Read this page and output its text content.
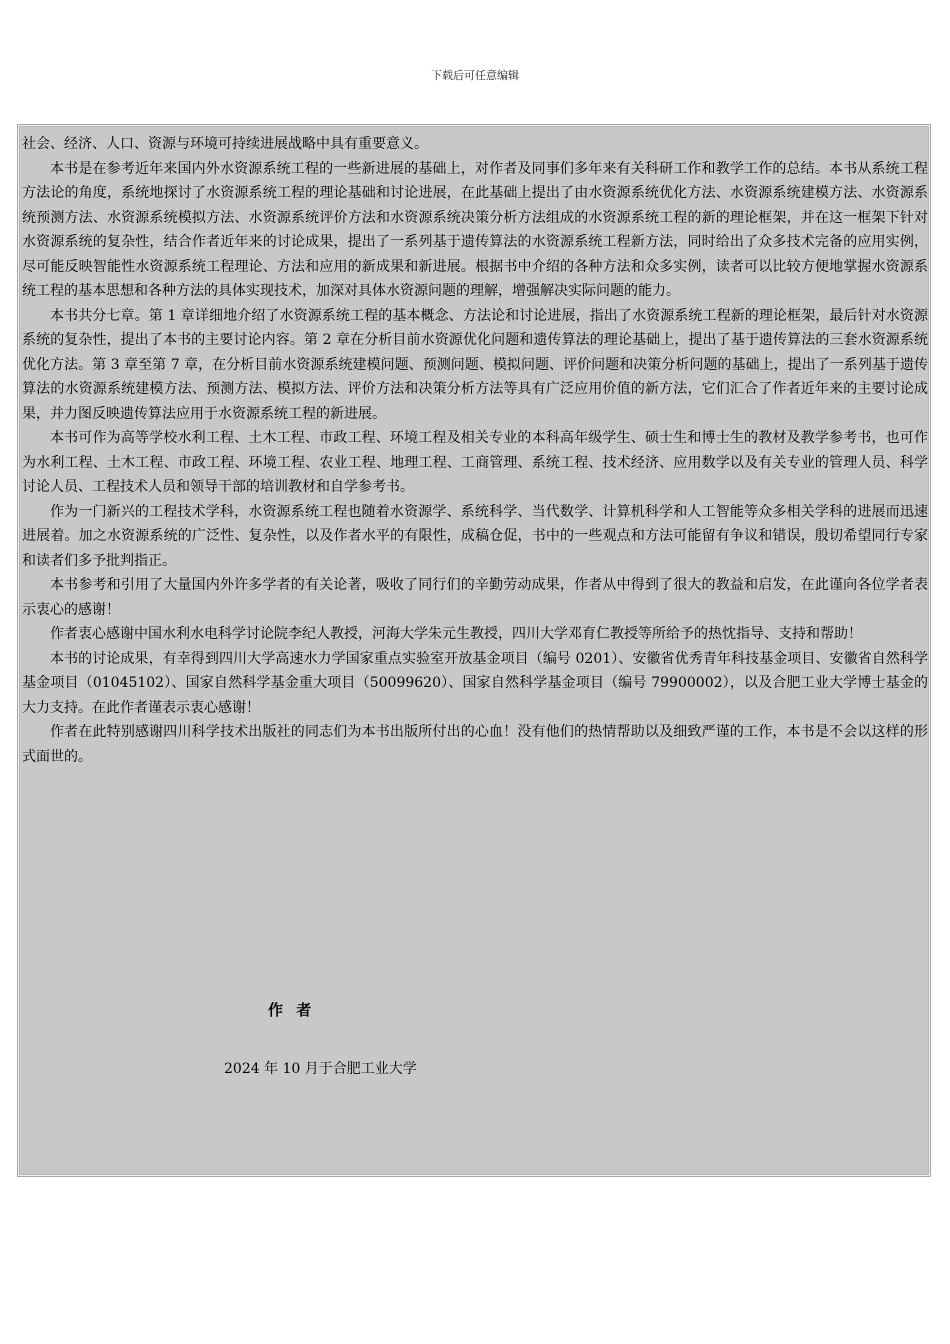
下载后可任意编辑

社会、经济、人口、资源与环境可持续进展战略中具有重要意义。

本书是在参考近年来国内外水资源系统工程的一些新进展的基础上，对作者及同事们多年来有关科研工作和教学工作的总结。本书从系统工程方法论的角度，系统地探讨了水资源系统工程的理论基础和讨论进展，在此基础上提出了由水资源系统优化方法、水资源系统建模方法、水资源系统预测方法、水资源系统模拟方法、水资源系统评价方法和水资源系统决策分析方法组成的水资源系统工程的新的理论框架，并在这一框架下针对水资源系统的复杂性，结合作者近年来的讨论成果，提出了一系列基于遗传算法的水资源系统工程新方法，同时给出了众多技术完备的应用实例，尽可能反映智能性水资源系统工程理论、方法和应用的新成果和新进展。根据书中介绍的各种方法和众多实例，读者可以比较方便地掌握水资源系统工程的基本思想和各种方法的具体实现技术，加深对具体水资源问题的理解，增强解决实际问题的能力。

本书共分七章。第 1 章详细地介绍了水资源系统工程的基本概念、方法论和讨论进展，指出了水资源系统工程新的理论框架，最后针对水资源系统的复杂性，提出了本书的主要讨论内容。第 2 章在分析目前水资源优化问题和遗传算法的理论基础上，提出了基于遗传算法的三套水资源系统优化方法。第 3 章至第 7 章，在分析目前水资源系统建模问题、预测问题、模拟问题、评价问题和决策分析问题的基础上，提出了一系列基于遗传算法的水资源系统建模方法、预测方法、模拟方法、评价方法和决策分析方法等具有广泛应用价值的新方法，它们汇合了作者近年来的主要讨论成果，并力图反映遗传算法应用于水资源系统工程的新进展。

本书可作为高等学校水利工程、土木工程、市政工程、环境工程及相关专业的本科高年级学生、硕士生和博士生的教材及教学参考书，也可作为水利工程、土木工程、市政工程、环境工程、农业工程、地理工程、工商管理、系统工程、技术经济、应用数学以及有关专业的管理人员、科学讨论人员、工程技术人员和领导干部的培训教材和自学参考书。

作为一门新兴的工程技术学科，水资源系统工程也随着水资源学、系统科学、当代数学、计算机科学和人工智能等众多相关学科的进展而迅速进展着。加之水资源系统的广泛性、复杂性，以及作者水平的有限性，成稿仓促，书中的一些观点和方法可能留有争议和错误，殷切希望同行专家和读者们多予批判指正。

本书参考和引用了大量国内外许多学者的有关论著，吸收了同行们的辛勤劳动成果，作者从中得到了很大的教益和启发，在此谨向各位学者表示衷心的感谢！

作者衷心感谢中国水利水电科学讨论院李纪人教授，河海大学朱元生教授，四川大学邓育仁教授等所给予的热忱指导、支持和帮助！

本书的讨论成果，有幸得到四川大学高速水力学国家重点实验室开放基金项目（编号 0201）、安徽省优秀青年科技基金项目、安徽省自然科学基金项目（01045102）、国家自然科学基金重大项目（50099620）、国家自然科学基金项目（编号 79900002），以及合肥工业大学博士基金的大力支持。在此作者谨表示衷心感谢！

作者在此特别感谢四川科学技术出版社的同志们为本书出版所付出的心血！没有他们的热情帮助以及细致严谨的工作，本书是不会以这样的形式面世的。

作 者
2024 年 10 月于合肥工业大学
